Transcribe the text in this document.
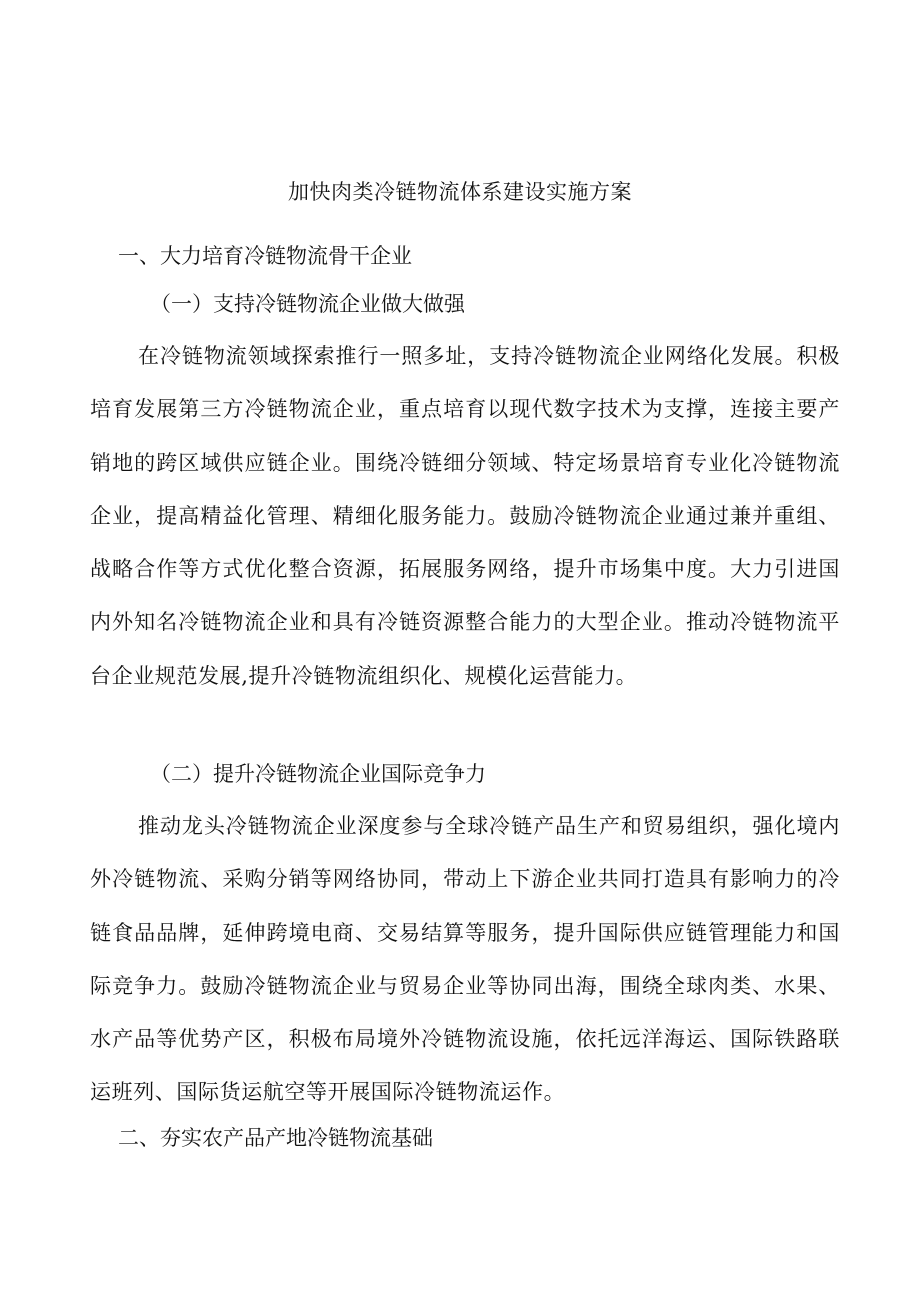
加快肉类冷链物流体系建设实施方案
一、大力培育冷链物流骨干企业
（一）支持冷链物流企业做大做强

在冷链物流领域探索推行一照多址，支持冷链物流企业网络化发展。积极培育发展第三方冷链物流企业，重点培育以现代数字技术为支撑，连接主要产销地的跨区域供应链企业。围绕冷链细分领域、特定场景培育专业化冷链物流企业，提高精益化管理、精细化服务能力。鼓励冷链物流企业通过兼并重组、战略合作等方式优化整合资源，拓展服务网络，提升市场集中度。大力引进国内外知名冷链物流企业和具有冷链资源整合能力的大型企业。推动冷链物流平台企业规范发展,提升冷链物流组织化、规模化运营能力。

（二）提升冷链物流企业国际竞争力

推动龙头冷链物流企业深度参与全球冷链产品生产和贸易组织，强化境内外冷链物流、采购分销等网络协同，带动上下游企业共同打造具有影响力的冷链食品品牌，延伸跨境电商、交易结算等服务，提升国际供应链管理能力和国际竞争力。鼓励冷链物流企业与贸易企业等协同出海，围绕全球肉类、水果、水产品等优势产区，积极布局境外冷链物流设施，依托远洋海运、国际铁路联运班列、国际货运航空等开展国际冷链物流运作。

二、夯实农产品产地冷链物流基础
